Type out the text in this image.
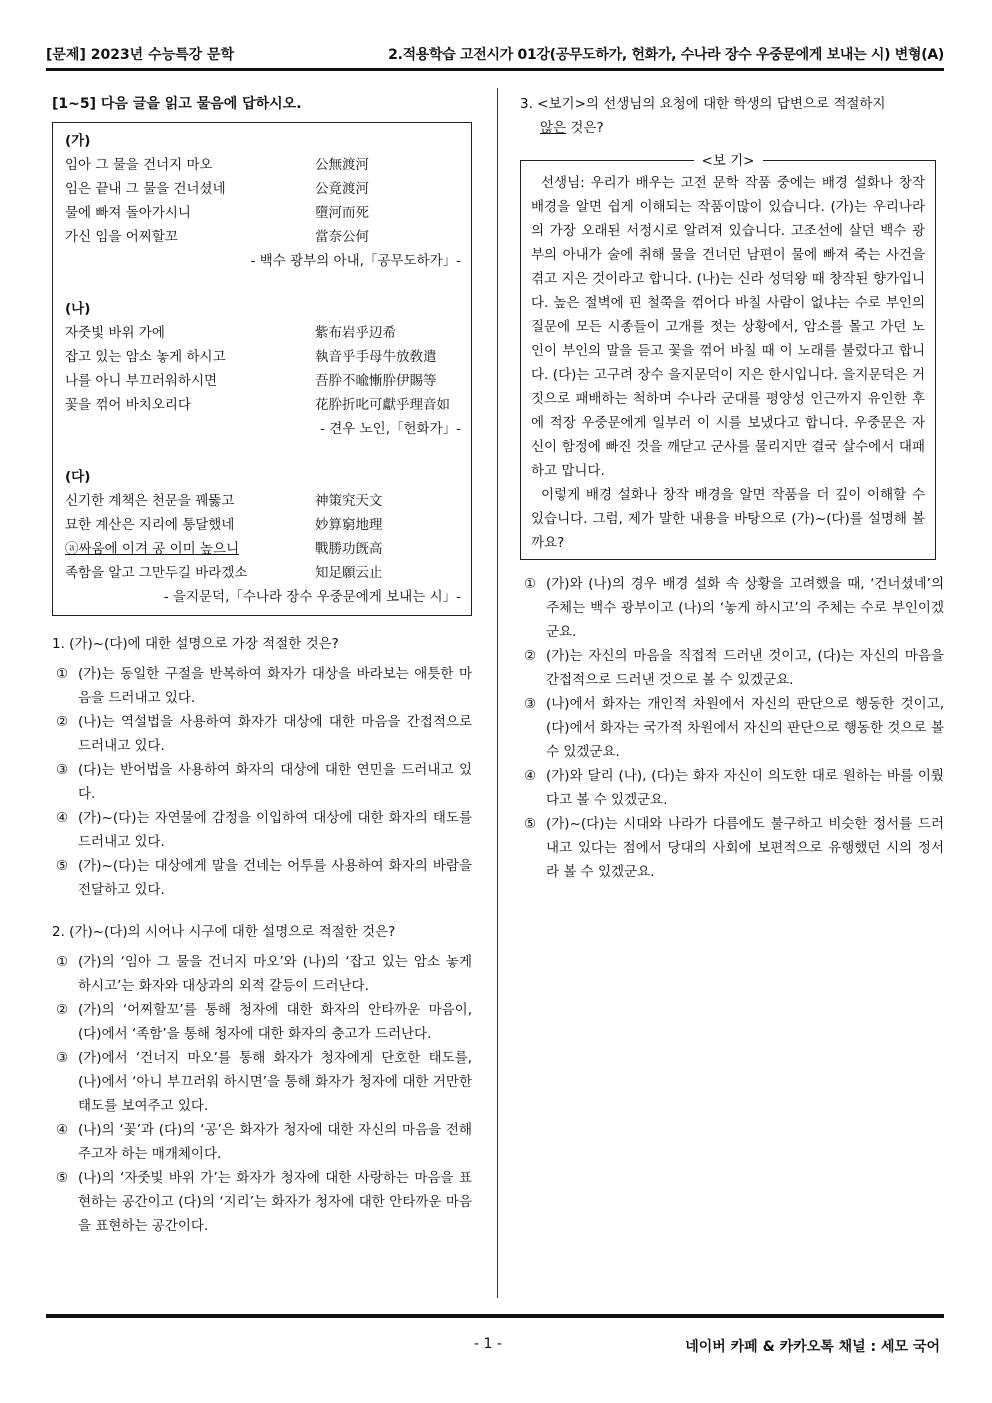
[문제] 2023년 수능특강 문학	2.적용학습 고전시가 01강(공무도하가, 헌화가, 수나라 장수 우중문에게 보내는 시) 변형(A)
[1~5] 다음 글을 읽고 물음에 답하시오.
(가)
임아 그 물을 건너지 마오	公無渡河
임은 끝내 그 물을 건너셨네	公竟渡河
물에 빠져 돌아가시니	墮河而死
가신 임을 어찌할꼬	當奈公何
- 백수 광부의 아내,「공무도하가」-
(나)
자줏빛 바위 가에	紫布岩乎辺希
잡고 있는 암소 놓게 하시고	執音乎手母牛放敎遣
나를 아니 부끄러워하시면	吾肸不喩慚肸伊賜等
꽃을 꺾어 바치오리다	花肸折叱可獻乎理音如
- 견우 노인,「헌화가」-
(다)
신기한 계책은 천문을 꿰뚫고	神策究天文
묘한 계산은 지리에 통달했네	妙算窮地理
ⓐ싸움에 이겨 공 이미 높으니	戰勝功旣高
족함을 알고 그만두길 바라겠소	知足願云止
- 을지문덕,「수나라 장수 우중문에게 보내는 시」-
1. (가)~(다)에 대한 설명으로 가장 적절한 것은?
① (가)는 동일한 구절을 반복하여 화자가 대상을 바라보는 애틋한 마음을 드러내고 있다.
② (나)는 역설법을 사용하여 화자가 대상에 대한 마음을 간접적으로 드러내고 있다.
③ (다)는 반어법을 사용하여 화자의 대상에 대한 연민을 드러내고 있다.
④ (가)~(다)는 자연물에 감정을 이입하여 대상에 대한 화자의 태도를 드러내고 있다.
⑤ (가)~(다)는 대상에게 말을 건네는 어투를 사용하여 화자의 바람을 전달하고 있다.
2. (가)~(다)의 시어나 시구에 대한 설명으로 적절한 것은?
① (가)의 ‘임아 그 물을 건너지 마오’와 (나)의 ‘잡고 있는 암소 놓게 하시고’는 화자와 대상과의 외적 갈등이 드러난다.
② (가)의 ‘어찌할꼬’를 통해 청자에 대한 화자의 안타까운 마음이, (다)에서 ‘족함’을 통해 청자에 대한 화자의 충고가 드러난다.
③ (가)에서 ‘건너지 마오’를 통해 화자가 청자에게 단호한 태도를, (나)에서 ‘아니 부끄러워 하시면’을 통해 화자가 청자에 대한 거만한 태도를 보여주고 있다.
④ (나)의 ‘꽃’과 (다)의 ‘공’은 화자가 청자에 대한 자신의 마음을 전해주고자 하는 매개체이다.
⑤ (나)의 ‘자줏빛 바위 가’는 화자가 청자에 대한 사랑하는 마음을 표현하는 공간이고 (다)의 ‘지리’는 화자가 청자에 대한 안타까운 마음을 표현하는 공간이다.
3. <보기>의 선생님의 요청에 대한 학생의 답변으로 적절하지
않은 것은?
<보 기>

선생님: 우리가 배우는 고전 문학 작품 중에는 배경 설화나 창작 배경을 알면 쉽게 이해되는 작품이많이 있습니다. (가)는 우리나라의 가장 오래된 서정시로 알려져 있습니다. 고조선에 살던 백수 광부의 아내가 술에 취해 물을 건너던 남편이 물에 빠져 죽는 사건을 겪고 지은 것이라고 합니다. (나)는 신라 성덕왕 때 창작된 향가입니다. 높은 절벽에 핀 철쭉을 꺾어다 바칠 사람이 없냐는 수로 부인의 질문에 모든 시종들이 고개를 젓는 상황에서, 암소를 몰고 가던 노인이 부인의 말을 듣고 꽃을 꺾어 바칠 때 이 노래를 불렀다고 합니다. (다)는 고구려 장수 을지문덕이 지은 한시입니다. 을지문덕은 거짓으로 패배하는 척하며 수나라 군대를 평양성 인근까지 유인한 후에 적장 우중문에게 일부러 이 시를 보냈다고 합니다. 우중문은 자신이 함정에 빠진 것을 깨닫고 군사를 물리지만 결국 살수에서 대패하고 맙니다.

이렇게 배경 설화나 창작 배경을 알면 작품을 더 깊이 이해할 수 있습니다. 그럼, 제가 말한 내용을 바탕으로 (가)~(다)를 설명해 볼까요?

① (가)와 (나)의 경우 배경 설화 속 상황을 고려했을 때, ‘건너셨네’의 주체는 백수 광부이고 (나)의 ‘놓게 하시고’의 주체는 수로 부인이겠군요.
② (가)는 자신의 마음을 직접적 드러낸 것이고, (다)는 자신의 마음을 간접적으로 드러낸 것으로 볼 수 있겠군요.
③ (나)에서 화자는 개인적 차원에서 자신의 판단으로 행동한 것이고, (다)에서 화자는 국가적 차원에서 자신의 판단으로 행동한 것으로 볼 수 있겠군요.
④ (가)와 달리 (나), (다)는 화자 자신이 의도한 대로 원하는 바를 이뤘다고 볼 수 있겠군요.
⑤ (가)~(다)는 시대와 나라가 다름에도 불구하고 비슷한 정서를 드러내고 있다는 점에서 당대의 사회에 보편적으로 유행했던 시의 정서라 볼 수 있겠군요.
- 1 -	네이버 카페 & 카카오톡 채널 : 세모 국어
